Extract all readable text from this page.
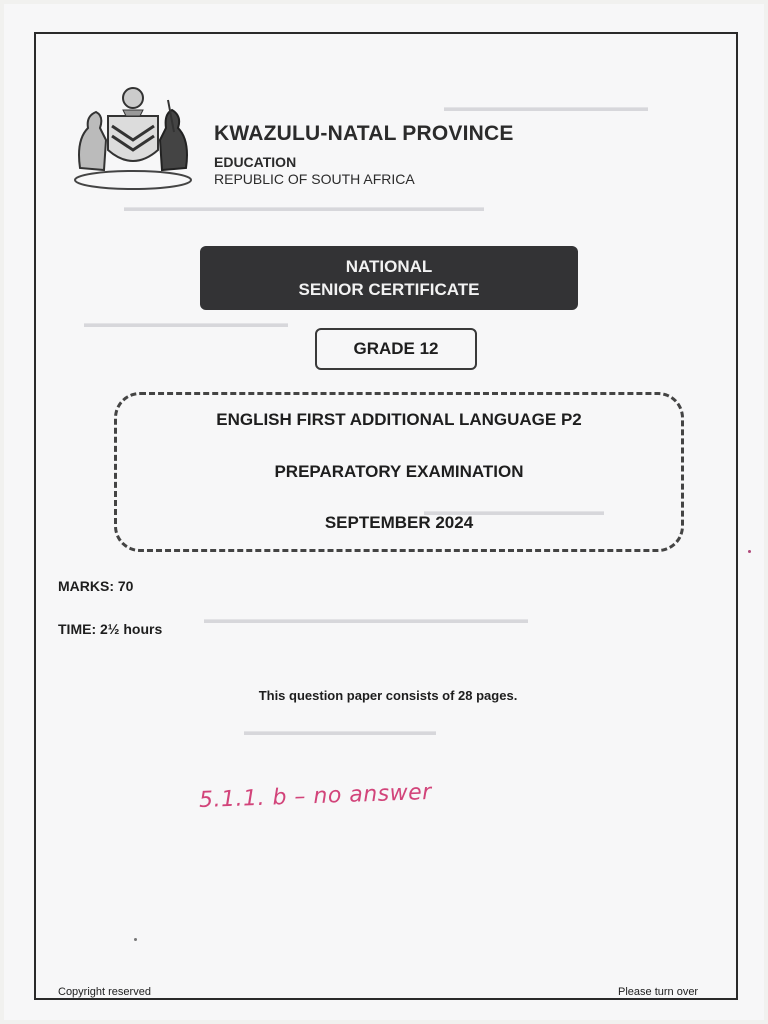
▬▬▬▬▬▬▬▬▬▬▬▬▬▬▬▬▬
▬▬▬▬▬▬▬▬▬▬▬▬▬▬▬▬▬▬▬▬▬▬▬▬▬▬▬▬▬▬
▬▬▬▬▬▬▬▬▬▬▬▬▬▬▬▬▬
▬▬▬▬▬▬▬▬▬▬▬▬▬▬▬
▬▬▬▬▬▬▬▬▬▬▬▬▬▬▬▬▬▬▬▬▬▬▬▬▬▬▬
▬▬▬▬▬▬▬▬▬▬▬▬▬▬▬▬
KWAZULU-NATAL PROVINCE
EDUCATION
REPUBLIC OF SOUTH AFRICA
NATIONAL
SENIOR CERTIFICATE
GRADE 12
ENGLISH FIRST ADDITIONAL LANGUAGE P2
PREPARATORY EXAMINATION
SEPTEMBER 2024
MARKS: 70
TIME: 2½ hours
This question paper consists of 28 pages.
5.1.1. b – no answer
Copyright reserved	Please turn over
